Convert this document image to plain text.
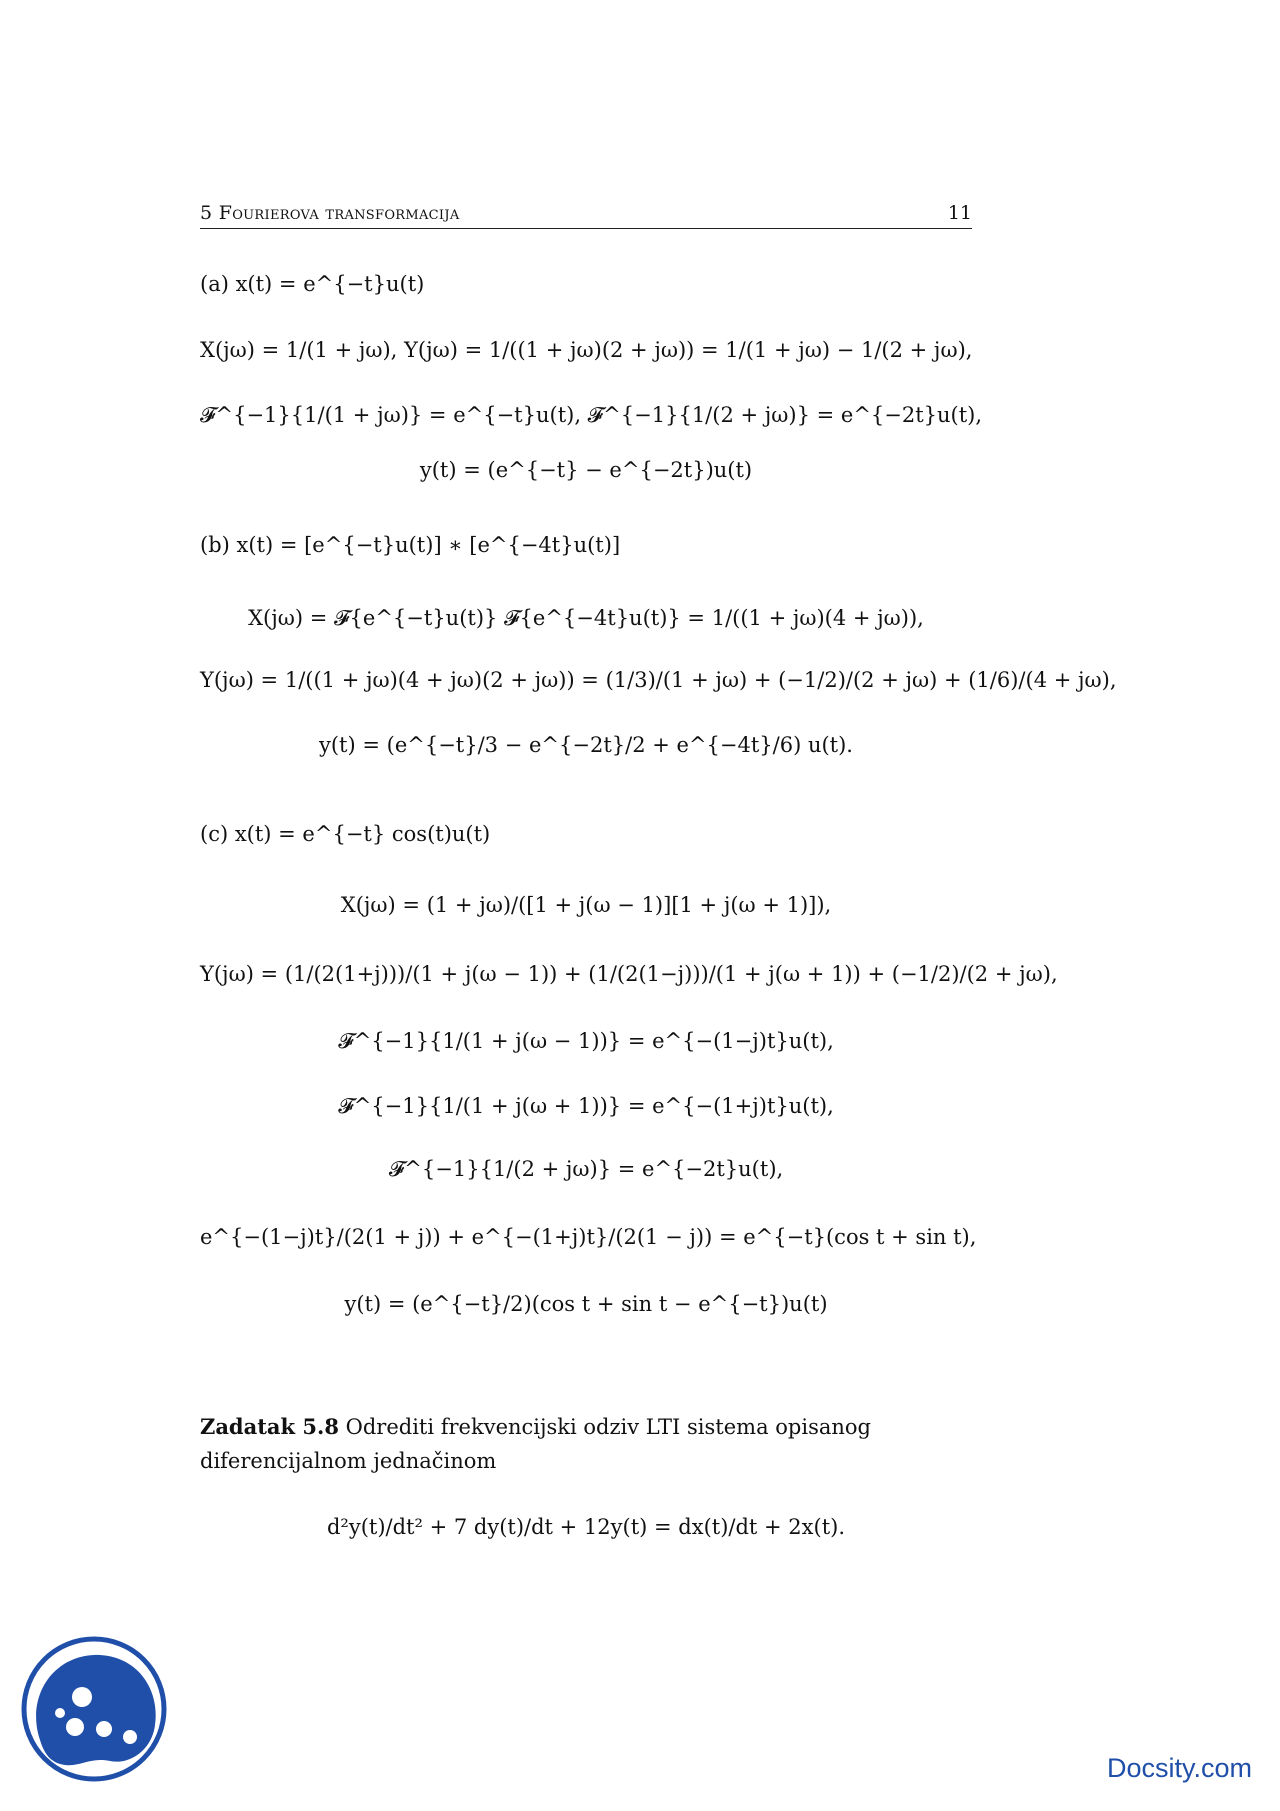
5 Fourierova transformacija	11
(a) x(t) = e^{−t}u(t)
X(jω) = 1/(1 + jω), Y(jω) = 1/((1 + jω)(2 + jω)) = 1/(1 + jω) − 1/(2 + jω),
𝓕^{−1}{1/(1 + jω)} = e^{−t}u(t), 𝓕^{−1}{1/(2 + jω)} = e^{−2t}u(t),
y(t) = (e^{−t} − e^{−2t})u(t)
(b) x(t) = [e^{−t}u(t)] ∗ [e^{−4t}u(t)]
X(jω) = 𝓕{e^{−t}u(t)} 𝓕{e^{−4t}u(t)} = 1/((1 + jω)(4 + jω)),
Y(jω) = 1/((1 + jω)(4 + jω)(2 + jω)) = (1/3)/(1 + jω) + (−1/2)/(2 + jω) + (1/6)/(4 + jω),
y(t) = (e^{−t}/3 − e^{−2t}/2 + e^{−4t}/6) u(t).
(c) x(t) = e^{−t} cos(t)u(t)
X(jω) = (1 + jω)/([1 + j(ω − 1)][1 + j(ω + 1)]),
Y(jω) = (1/(2(1+j)))/(1 + j(ω − 1)) + (1/(2(1−j)))/(1 + j(ω + 1)) + (−1/2)/(2 + jω),
𝓕^{−1}{1/(1 + j(ω − 1))} = e^{−(1−j)t}u(t),
𝓕^{−1}{1/(1 + j(ω + 1))} = e^{−(1+j)t}u(t),
𝓕^{−1}{1/(2 + jω)} = e^{−2t}u(t),
e^{−(1−j)t}/(2(1 + j)) + e^{−(1+j)t}/(2(1 − j)) = e^{−t}(cos t + sin t),
y(t) = (e^{−t}/2)(cos t + sin t − e^{−t})u(t)
Zadatak 5.8 Odrediti frekvencijski odziv LTI sistema opisanog diferencijalnom jednačinom
d²y(t)/dt² + 7 dy(t)/dt + 12y(t) = dx(t)/dt + 2x(t).
Docsity.com
